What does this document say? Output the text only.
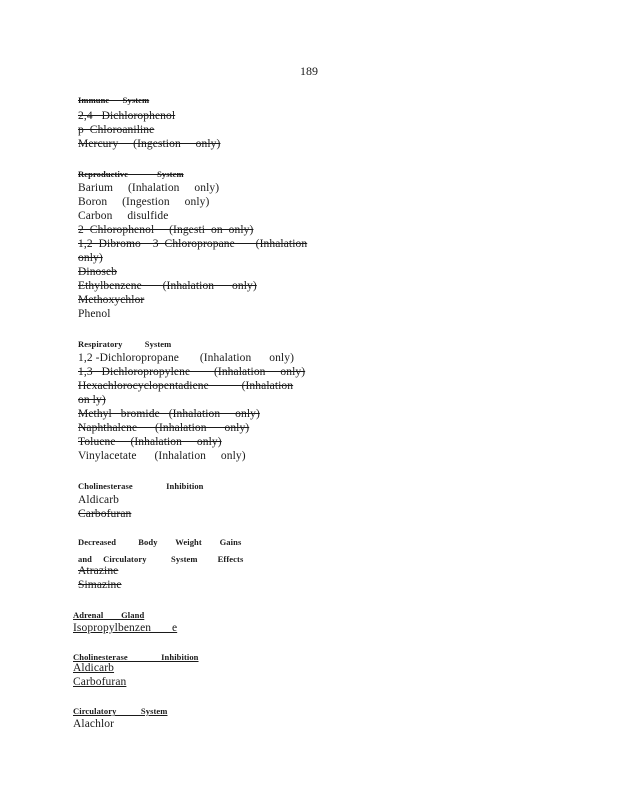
189
Immune      System
2,4   Dichlorophenol
p  Chloroaniline
Mercury     (Ingestion     only)
Reproductive             System
Barium     (Inhalation     only)
Boron     (Ingestion     only)
Carbon     disulfide
2  Chlorophenol     (Ingesti  on  only)
1,2  Dibromo    3  Chloropropane       (Inhalation
only)
Dinoseb
Ethylbenzene       (Inhalation      only)
Methoxychlor
Phenol
Respiratory          System
1,2 -Dichloropropane       (Inhalation      only)
1,3   Dichloropropylene        (Inhalation     only)
Hexachlorocyclopentadiene           (Inhalation
on ly)
Methyl   bromide   (Inhalation     only)
Naphthalene      (Inhalation      only)
Toluene     (Inhalation     only)
Vinylacetate      (Inhalation     only)
Cholinesterase               Inhibition
Aldicarb
Carbofuran
Decreased          Body        Weight        Gains
and     Circulatory           System         Effects
Atrazine
Simazine
Adrenal        Gland
Isopropylbenzen       e
Cholinesterase               Inhibition
Aldicarb
Carbofuran
Circulatory           System
Alachlor
